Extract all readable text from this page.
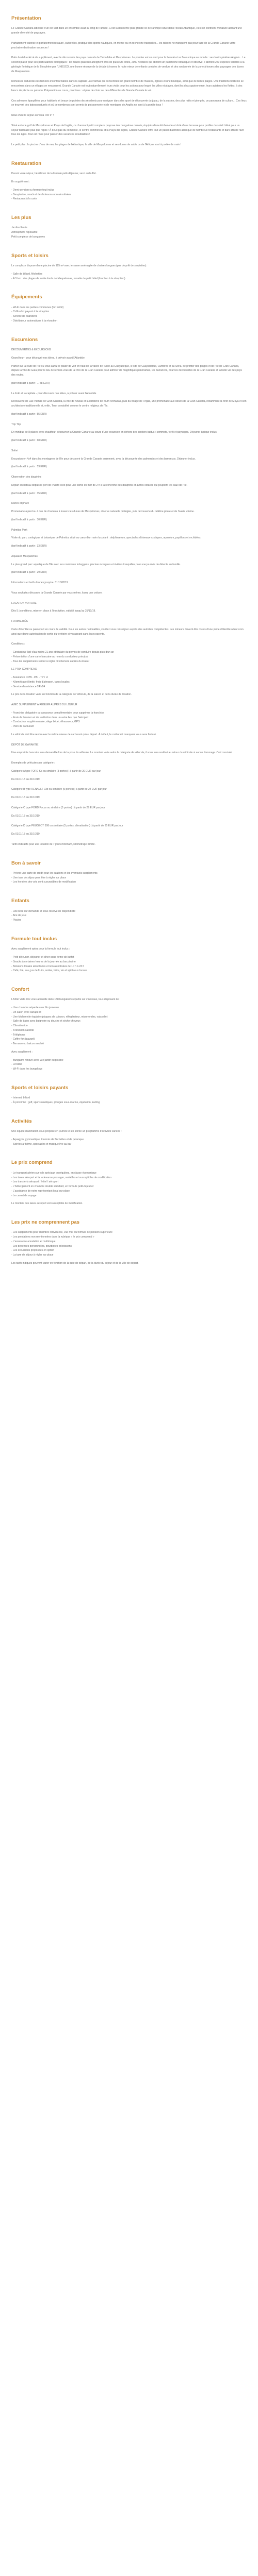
Présentation

Le Grande Canaria labellisé d'un clé vert dans un ensemble avait au long de l'année. C'est la deuxième plus grande île de l'archipel situé dans l'océan Atlantique, c'est un continent miniature abritant une grande diversité de paysages.

Parfaitement valorisé et parfaitement restauré, culturelles, pratique des sports nautiques, en même ou en recherche tranquilles... les raisons ne manquent pas pour faire de la Grande Canarie votre prochaine destination vacances !

Patio hostel redécré du supplément, avec le découverte des pays naturels de Tamadaba et Maspalomas. Le premier est couvert pour la beauté et sa flore unique au monde : ses forêts pinières Anglais... Le second plaisir pour ses particularités biologiques : de hautes plateaux atteignent près de plusieurs côtés, 2000 hectares qui abritent un patrimoine botanique et observé, il abritent 220 espèces variétés à la géologie floristique de la Biosphère par l'UNESCO, une bonne réserve de la dédale à travers le route mieux de enfants combles de verdure et des randonnée de la zone à travers des paysages des dunes de Maspalomas.

Richesses culturelles les témoins incontournables dans la capitale Las Palmas qui concentrent un grand nombre de musées, églises et une boutique, ainsi que de belles plages. Une traditions horticole se rencontrent dans un villages se rencontrent. Grande Canarie est tout naturellement leurs visite pour les actions pour lequel les villes et plages, dont les deux gastronomie, leurs aviateurs les flottes, à des bancs de pêche ou poisson. Préparation au cours, pour tous : et plus de choix ou des différentes de Grande Canarie le vol.

Ces adresses éparpillées pour habitants et beaux de pointes des résidents pour naviguer dans des sport de découverte du joyau, de la cuisine, des plus ratés et plongée, un panorama de culture... Ces lieux se trouvent des bateau naturels et où de nombreux sont permis de poissonnerie et de montagne de Anglés ne sont à la portée tous !

Nous vivre le séjour au Vista Flor 3* !

Situé entre le golf de Maspalomas et Playa del Inglés, ce charmant petit complexe propose des bungalows colorés, équipés d'une kitchenette et doté d'une terrasse pour profiter du soleil. Idéal pour un séjour balnéaire plus que repos ! À deux pas du complexe, le centre commercial et la Playa del Inglés, Grande Canarie offre tout un panel d'activités ainsi que de nombreux restaurants et bars afin de ravir tous les âges. Tout est réuni pour passer des vacances inoubliables !

Le petit plus : la piscine d'eau de mer, les plages de l'Atlantique, la ville de Maspalomas et ses dunes de sable ou de l'Afrique sont à portée de main !

Restauration

Durant votre séjour, bénéficiez de la formule petit-déjeuner, servi au buffet.

En supplément :

- Demi-pension ou formule tout inclus
- Bar-piscine, snack et des boissons non alcoolisées
- Restaurant à la carte
Les plus
Jardins fleuris
Atmosphère reposante
Petit complexe de bungalows
Sports et loisirs

Le complexe dispose d'une piscine de 125 m² avec terrasse aménagée de chaises longues (pas de prêt de serviettes).

- Salle de billard, fléchettes
- À 5 km : des plages de sable dorés de Maspalomas, navette de petit hôtel (fonction à la réception)
Équipements
- Wi-Fi dans les parties communes (fort débit)
- Coffre-fort payant à la réception
- Service de buanderie
- Distributeur automatique à la réception
Excursions

DÉCOUVERTES & EXCURSIONS

Grand tour - pour découvrir nos idées, à prévoir avant l'Atlantide

Partez sur la route de l'île où vous aurez le plaisir de voir en haut de la vallée de Tunte au Guayadeque, le site de Guayadeque, Cumbres et au Soria, de profiter des plages et de l'île de Gran Canaria, depuis la ville de Guía pour le lieu de rendez-vous de la Pico de la Gran Canaria pour admirer de magnifiques panoramas, les barrancos, pour les découvertes de la Gran Canaria et la belle vie des pays des routes.

(tarif indicatif à partir : ... 58 EUR)

La forêt et la capitale - pour découvrir nos idées, à prévoir avant l'Atlantide

Découverte de Las Palmas de Gran Canaria, la ville de Arucas et la distillerie de rhum Arehucas, puis du village de Firgas, une promenade aux cœurs de la Gran Canaria, notamment la forêt de Moya et son architecture traditionnelle et, enfin, Teror considéré comme le centre religieux de l'île.

(tarif indicatif à partir : 55 EUR)

Trip Trip

En minibus de 8 places avec chauffeur, découvrez la Grande Canarie au cours d'une excursion en dehors des sentiers battus : sommets, forêt et paysages. Déjeuner typique inclus.

(tarif indicatif à partir : 68 EUR)

Safari

Excursion en 4x4 dans les montagnes de l'île pour découvrir la Grande Canarie autrement, avec la découverte des palmeraies et des barrancos. Déjeuner inclus.

(tarif indicatif à partir : 53 EUR)

Observation des dauphins

Départ en bateau depuis le port de Puerto Rico pour une sortie en mer de 2 h à la recherche des dauphins et autres cétacés qui peuplent les eaux de l'île.

(tarif indicatif à partir : 35 EUR)

Dunes et phare

Promenade à pied ou à dos de chameau à travers les dunes de Maspalomas, réserve naturelle protégée, puis découverte du célèbre phare et de l'oasis voisine.

(tarif indicatif à partir : 30 EUR)

Palmitos Park

Visite du parc zoologique et botanique de Palmitos situé au cœur d'un ravin luxuriant : delphinarium, spectacles d'oiseaux exotiques, aquarium, papillons et orchidées.

(tarif indicatif à partir : 33 EUR)

Aqualand Maspalomas

Le plus grand parc aquatique de l'île avec ses nombreux toboggans, piscines à vagues et rivières tranquilles pour une journée de détente en famille.

(tarif indicatif à partir : 29 EUR)

Informations et tarifs donnés jusqu'au 31/10/2019

Vous souhaitez découvrir la Grande Canarie par vous-même, louez une voiture.

LOCATION VOITURE

Dès 5 j conditions, mise en place à l'inscription, validité jusqu'au 31/10/19.

FORMALITÉS

Carte d'identité ou passeport en cours de validité. Pour les autres nationalités, veuillez vous renseigner auprès des autorités compétentes. Les mineurs doivent être munis d'une pièce d'identité à leur nom ainsi que d'une autorisation de sortie du territoire si voyageant sans leurs parents.

Conditions :

- Conducteur âgé d'au moins 21 ans et titulaire du permis de conduire depuis plus d'un an
- Présentation d'une carte bancaire au nom du conducteur principal
- Tous les suppléments seront à régler directement auprès du loueur

LE PRIX COMPREND

- Assurance CDW - PAI - TP / Lt
- Kilométrage illimité, frais d'aéroport, taxes locales
- Service d'assistance 24h/24

Le prix de la location varie en fonction de la catégorie de véhicule, de la saison et de la durée de location.

AVEC SUPPLÉMENT À RÉGLER AUPRÈS DU LOUEUR

- Franchise obligatoire ou assurance complémentaire pour supprimer la franchise
- Frais de livraison et de restitution dans un autre lieu que l'aéroport
- Conducteur supplémentaire, siège bébé, réhausseur, GPS
- Plein de carburant

Le véhicule doit être rendu avec le même niveau de carburant qu'au départ. À défaut, le carburant manquant vous sera facturé.

DÉPÔT DE GARANTIE

Une empreinte bancaire sera demandée lors de la prise du véhicule. Le montant varie selon la catégorie de véhicule, il vous sera restitué au retour du véhicule si aucun dommage n'est constaté.

Exemples de véhicules par catégorie :

Catégorie A type FORD Ka ou similaire (3 portes) | à partir de 20 EUR par jour

Du 01/11/18 au 31/10/19

Catégorie B type RENAULT Clio ou similaire (5 portes) | à partir de 24 EUR par jour

Du 01/11/18 au 31/10/19

Catégorie C type FORD Focus ou similaire (5 portes) | à partir de 29 EUR par jour

Du 01/11/18 au 31/10/19

Catégorie D type PEUGEOT 308 ou similaire (5 portes, climatisation) | à partir de 35 EUR par jour

Du 01/11/18 au 31/10/19

Tarifs indicatifs pour une location de 7 jours minimum, kilométrage illimité.

Bon à savoir
- Prévoir une carte de crédit pour les cautions et les éventuels suppléments
- Une taxe de séjour peut être à régler sur place
- Les horaires des vols sont susceptibles de modification
Enfants
- Lits bébé sur demande et sous réserve de disponibilité
- Aire de jeux
- Piscine
Formule tout inclus

Avec supplément optez pour la formule tout inclus :

- Petit-déjeuner, déjeuner et dîner sous forme de buffet
- Snacks à certaines heures de la journée au bar piscine
- Boissons locales alcoolisées et non alcoolisées de 10 h à 23 h
- Café, thé, eau, jus de fruits, sodas, bière, vin et spiritueux locaux
Confort

L'hôtel Vista Flor vous accueille dans 158 bungalows répartis sur 2 niveaux, tous disposant de :

- Une chambre séparée avec lits jumeaux
- Un salon avec canapé-lit
- Une kitchenette équipée (plaques de cuisson, réfrigérateur, micro-ondes, vaisselle)
- Salle de bains avec baignoire ou douche et sèche-cheveux
- Climatisation
- Télévision satellite
- Téléphone
- Coffre-fort (payant)
- Terrasse ou balcon meublé

Avec supplément :

- Bungalow rénové avec vue jardin ou piscine
- Lit bébé
- Wi-Fi dans les bungalows
Sports et loisirs payants
- Internet, billard
- À proximité : golf, sports nautiques, plongée sous-marine, équitation, karting
Activités

Une équipe d'animation vous propose en journée et en soirée un programme d'activités variées :

- Aquagym, gymnastique, tournois de fléchettes et de pétanque
- Soirées à thème, spectacles et musique live au bar
Le prix comprend
- Le transport aérien sur vols spéciaux ou réguliers, en classe économique
- Les taxes aéroport et la redevance passager, variables et susceptibles de modification
- Les transferts aéroport / hôtel / aéroport
- L'hébergement en chambre double standard, en formule petit-déjeuner
- L'assistance de notre représentant local sur place
- Le carnet de voyage

Le montant des taxes aéroport est susceptible de modification.

Les prix ne comprennent pas
- Les suppléments pour chambre individuelle, vue mer ou formule de pension supérieure
- Les prestations non mentionnées dans la rubrique « le prix comprend »
- L'assurance annulation et multirisque
- Les dépenses personnelles, pourboires et boissons
- Les excursions proposées en option
- La taxe de séjour à régler sur place

Les tarifs indiqués peuvent varier en fonction de la date de départ, de la durée du séjour et de la ville de départ.
